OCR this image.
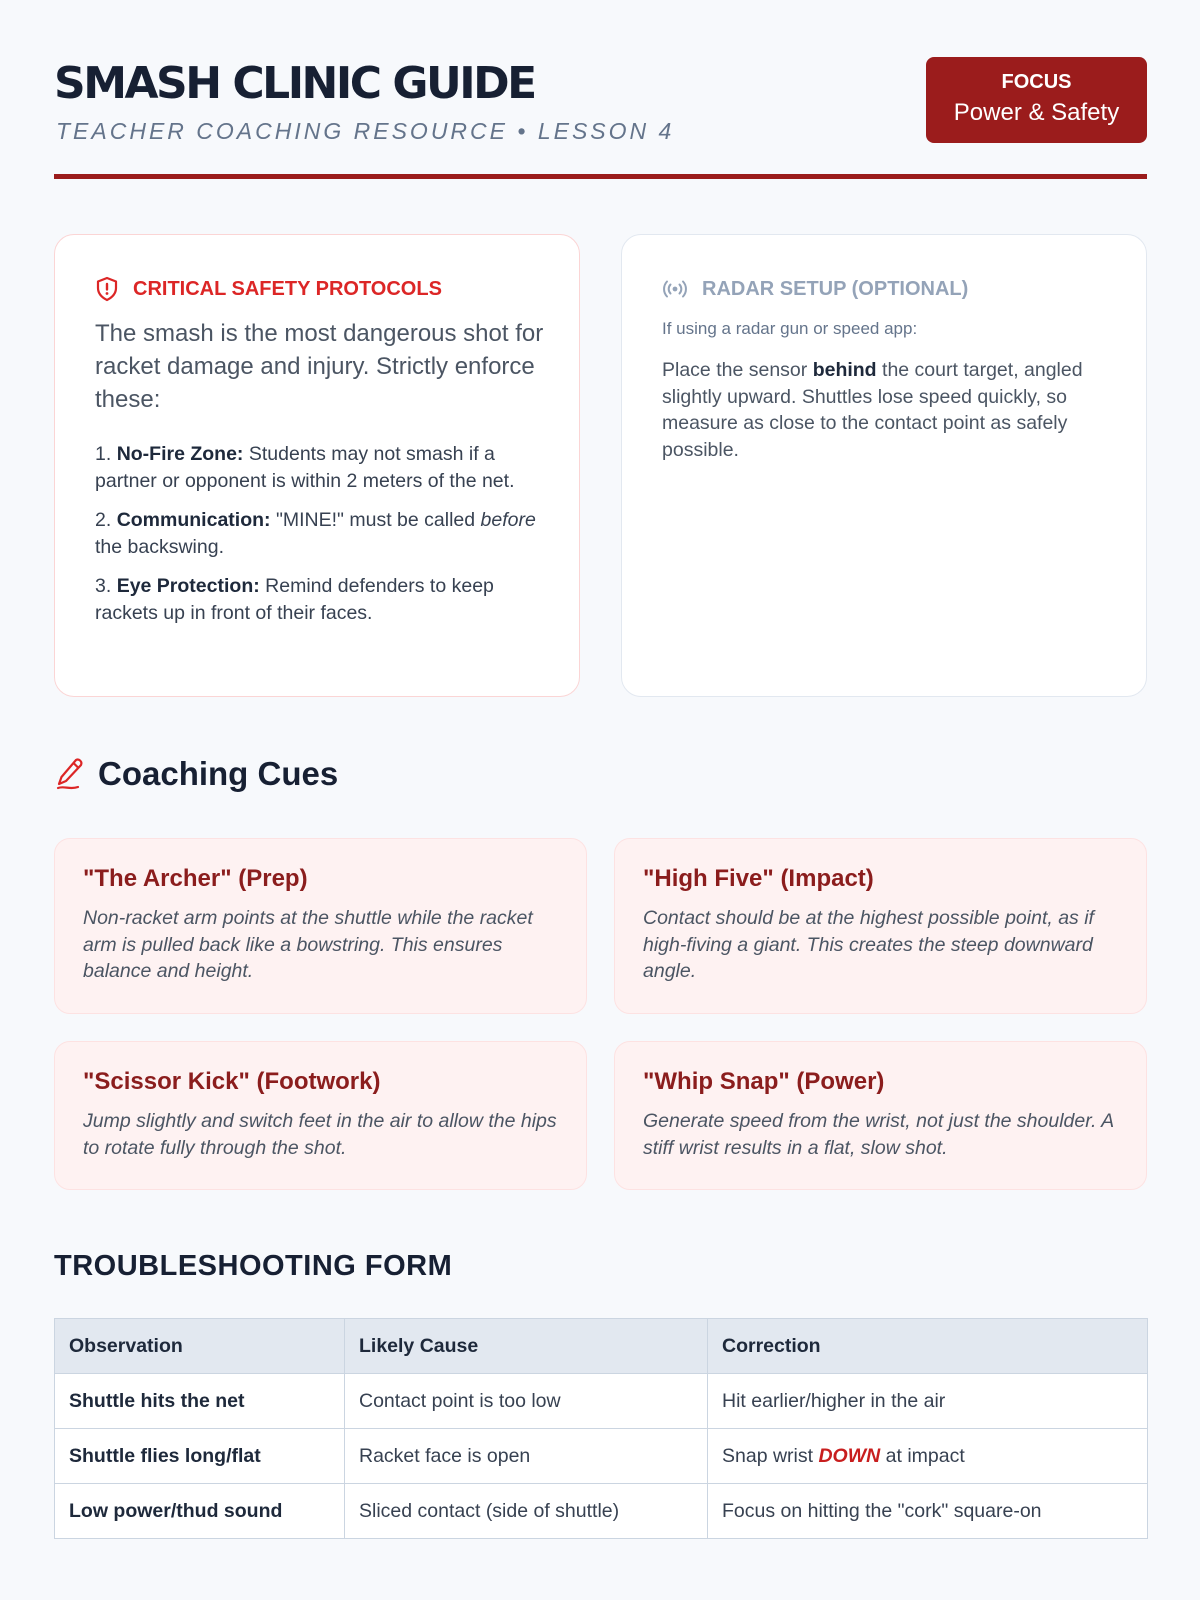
SMASH CLINIC GUIDE
TEACHER COACHING RESOURCE • LESSON 4
FOCUS
Power & Safety
CRITICAL SAFETY PROTOCOLS

The smash is the most dangerous shot for racket damage and injury. Strictly enforce these:

1. No-Fire Zone: Students may not smash if a partner or opponent is within 2 meters of the net.
2. Communication: "MINE!" must be called before the backswing.
3. Eye Protection: Remind defenders to keep rackets up in front of their faces.
RADAR SETUP (OPTIONAL)

If using a radar gun or speed app:

Place the sensor behind the court target, angled slightly upward. Shuttles lose speed quickly, so measure as close to the contact point as safely possible.

Coaching Cues
"The Archer" (Prep)
Non-racket arm points at the shuttle while the racket arm is pulled back like a bowstring. This ensures balance and height.
"High Five" (Impact)
Contact should be at the highest possible point, as if high-fiving a giant. This creates the steep downward angle.
"Scissor Kick" (Footwork)
Jump slightly and switch feet in the air to allow the hips to rotate fully through the shot.
"Whip Snap" (Power)
Generate speed from the wrist, not just the shoulder. A stiff wrist results in a flat, slow shot.
TROUBLESHOOTING FORM
Observation	Likely Cause	Correction
Shuttle hits the net	Contact point is too low	Hit earlier/higher in the air
Shuttle flies long/flat	Racket face is open	Snap wrist DOWN at impact
Low power/thud sound	Sliced contact (side of shuttle)	Focus on hitting the "cork" square-on
